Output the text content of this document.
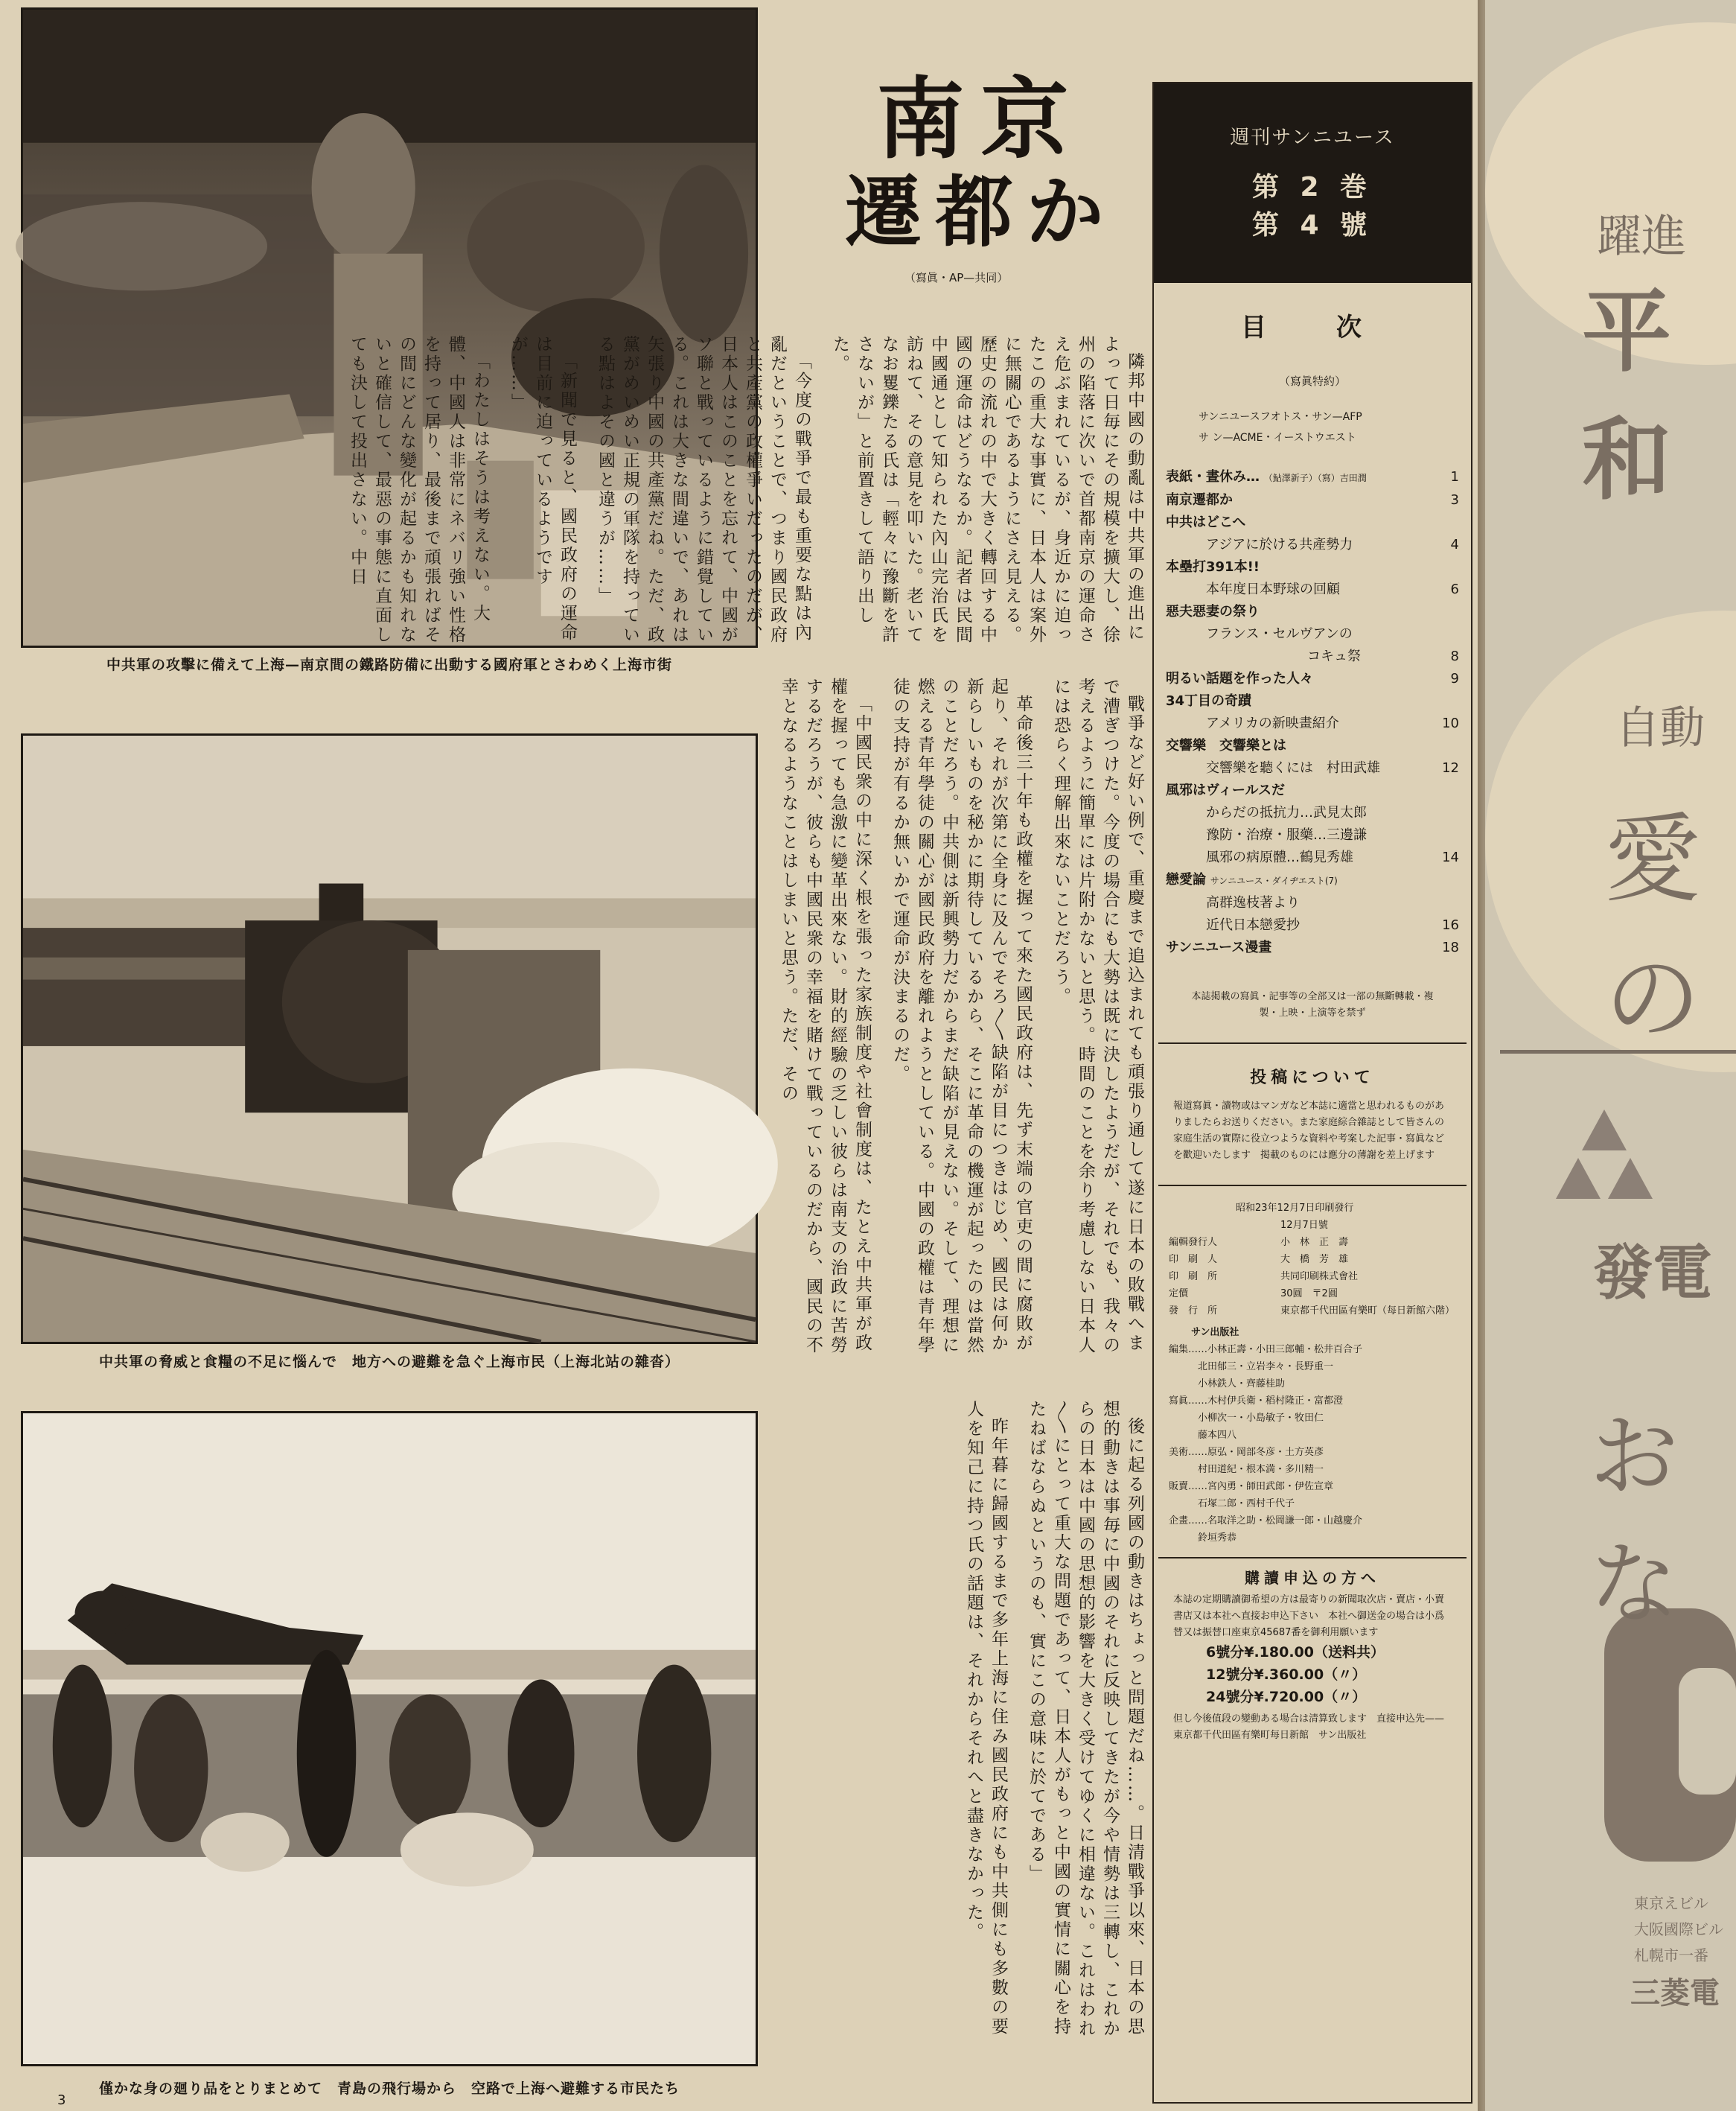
中共軍の攻擊に備えて上海—南京間の鐵路防備に出動する國府軍とさわめく上海市街
中共軍の脅威と食糧の不足に惱んで　地方への避難を急ぐ上海市民（上海北站の雜沓）
僅かな身の廻り品をとりまとめて　青島の飛行場から　空路で上海へ避難する市民たち
3
南京
遷都か
（寫眞・AP—共同）

隣邦中國の動亂は中共軍の進出によって日毎にその規模を擴大し、徐州の陷落に次いで首都南京の運命さえ危ぶまれているが、身近かに迫ったこの重大な事實に、日本人は案外に無關心であるようにさえ見える。歷史の流れの中で大きく轉回する中國の運命はどうなるか。記者は民間中國通として知られた內山完治氏を訪ねて、その意見を叩いた。老いてなお矍鑠たる氏は「輕々に豫斷を許さないが」と前置きして語り出した。

「今度の戰爭で最も重要な點は內亂だということで、つまり國民政府と共產黨の政權爭いだったのだが、日本人はこのことを忘れて、中國がソ聯と戰っているように錯覺している。これは大きな間違いで、あれは矢張り中國の共產黨だね。ただ、政黨がめいめい正規の軍隊を持っている點はよその國と違うが……」

「新聞で見ると、國民政府の運命は目前に迫っているようですが……」

「わたしはそうは考えない。大體、中國人は非常にネバリ強い性格を持って居り、最後まで頑張ればその間にどんな變化が起るかも知れないと確信して、最惡の事態に直面しても決して投出さない。中日

戰爭など好い例で、重慶まで追込まれても頑張り通して遂に日本の敗戰へまで漕ぎつけた。今度の場合にも大勢は既に決したようだが、それでも、我々の考えるように簡單には片附かないと思う。時間のことを余り考慮しない日本人には恐らく理解出來ないことだろう。

革命後三十年も政權を握って來た國民政府は、先ず末端の官吏の間に腐敗が起り、それが次第に全身に及んでそろ〳〵缺陷が目につきはじめ、國民は何か新らしいものを秘かに期待しているから、そこに革命の機運が起ったのは當然のことだろう。中共側は新興勢力だからまだ缺陷が見えない。そして、理想に燃える青年學徒の關心が國民政府を離れようとしている。中國の政權は青年學徒の支持が有るか無いかで運命が決まるのだ。

「中國民衆の中に深く根を張った家族制度や社會制度は、たとえ中共軍が政權を握っても急激に變革出來ない。財的經驗の乏しい彼らは南支の治政に苦勞するだろうが、彼らも中國民衆の幸福を賭けて戰っているのだから、國民の不幸となるようなことはしまいと思う。ただ、その

後に起る列國の動きはちょっと問題だね……。日清戰爭以來、日本の思想的動きは事毎に中國のそれに反映してきたが今や情勢は三轉し、これからの日本は中國の思想的影響を大きく受けてゆくに相違ない。これはわれ〳〵にとって重大な問題であって、日本人がもっと中國の實情に關心を持たねばならぬというのも、實にこの意味に於てである」

昨年暮に歸國するまで多年上海に住み國民政府にも中共側にも多數の要人を知己に持つ氏の話題は、それからそれへと盡きなかった。

週刊サンニユース
第 2 巻
第 4 號
目　次
（寫眞特約）
サンニユースフオトス・サン—AFP
サ ン—ACME・イーストウエスト
表紙・晝休み… （鮎澤新子）（寫）吉田潤	1
南京遷都か	3
中共はどこへ
アジアに於ける共產勢力	4
本壘打391本!!
本年度日本野球の回顧	6
惡夫惡妻の祭り
フランス・セルヴアンの
コキュ祭	8
明るい話題を作った人々	9
34丁目の奇蹟
アメリカの新映畫紹介	10
交響樂　交響樂とは
交響樂を聽くには　村田武雄	12
風邪はヴィールスだ
からだの抵抗力…武見太郎
豫防・治療・服藥…三邊謙
風邪の病原體…鶴見秀雄	14
戀愛論 サンニユース・ダイヂエスト(7)
高群逸枝著より
近代日本戀愛抄	16
サンニユース漫畫	18
本誌掲載の寫眞・記事等の全部又は一部の無斷轉載・複製・上映・上演等を禁ず
投稿について
報道寫眞・讀物或はマンガなど本誌に適當と思われるものがありましたらお送りください。また家庭綜合雜誌として皆さんの家庭生活の實際に役立つような資料や考案した記事・寫眞などを歡迎いたします　掲載のものには應分の薄謝を差上げます
昭和23年12月7日印刷發行
12月7日號
編輯發行人	小　林　正　壽
印　刷　人	大　橋　芳　雄
印　刷　所	共同印刷株式會社
定價	30圓　〒2圓
發　行　所	東京都千代田區有樂町（每日新館六階）
サン出版社
編集……小林正壽・小田三郎輔・松井百合子
　　　北田郁三・立岩李々・長野重一
　　　小林鉄人・齊藤桂助
寫眞……木村伊兵衛・稻村隆正・富都澄
　　　小柳次一・小島敏子・牧田仁
　　　藤本四八
美術……原弘・岡部冬彦・土方英彥
　　　村田道紀・根本満・多川精一
販賣……宮內勇・師田武郎・伊佐宣章
　　　石塚二郎・西村千代子
企畫……名取洋之助・松岡謙一郎・山越慶介
　　　鈴垣秀恭
購讀申込の方へ
本誌の定期購讀御希望の方は最寄りの新聞取次店・賣店・小賣書店又は本社へ直接お申込下さい　本社へ御送金の場合は小爲替又は振替口座東京45687番を御利用願います
6號分¥.180.00（送料共）
12號分¥.360.00（〃）
24號分¥.720.00（〃）
但し今後值段の變動ある場合は清算致します　直接申込先——東京都千代田區有樂町每日新館　サン出版社
躍進
平和
自動
愛の
發電
おな
東京えビル
大阪國際ビル
札幌市一番
三菱電
